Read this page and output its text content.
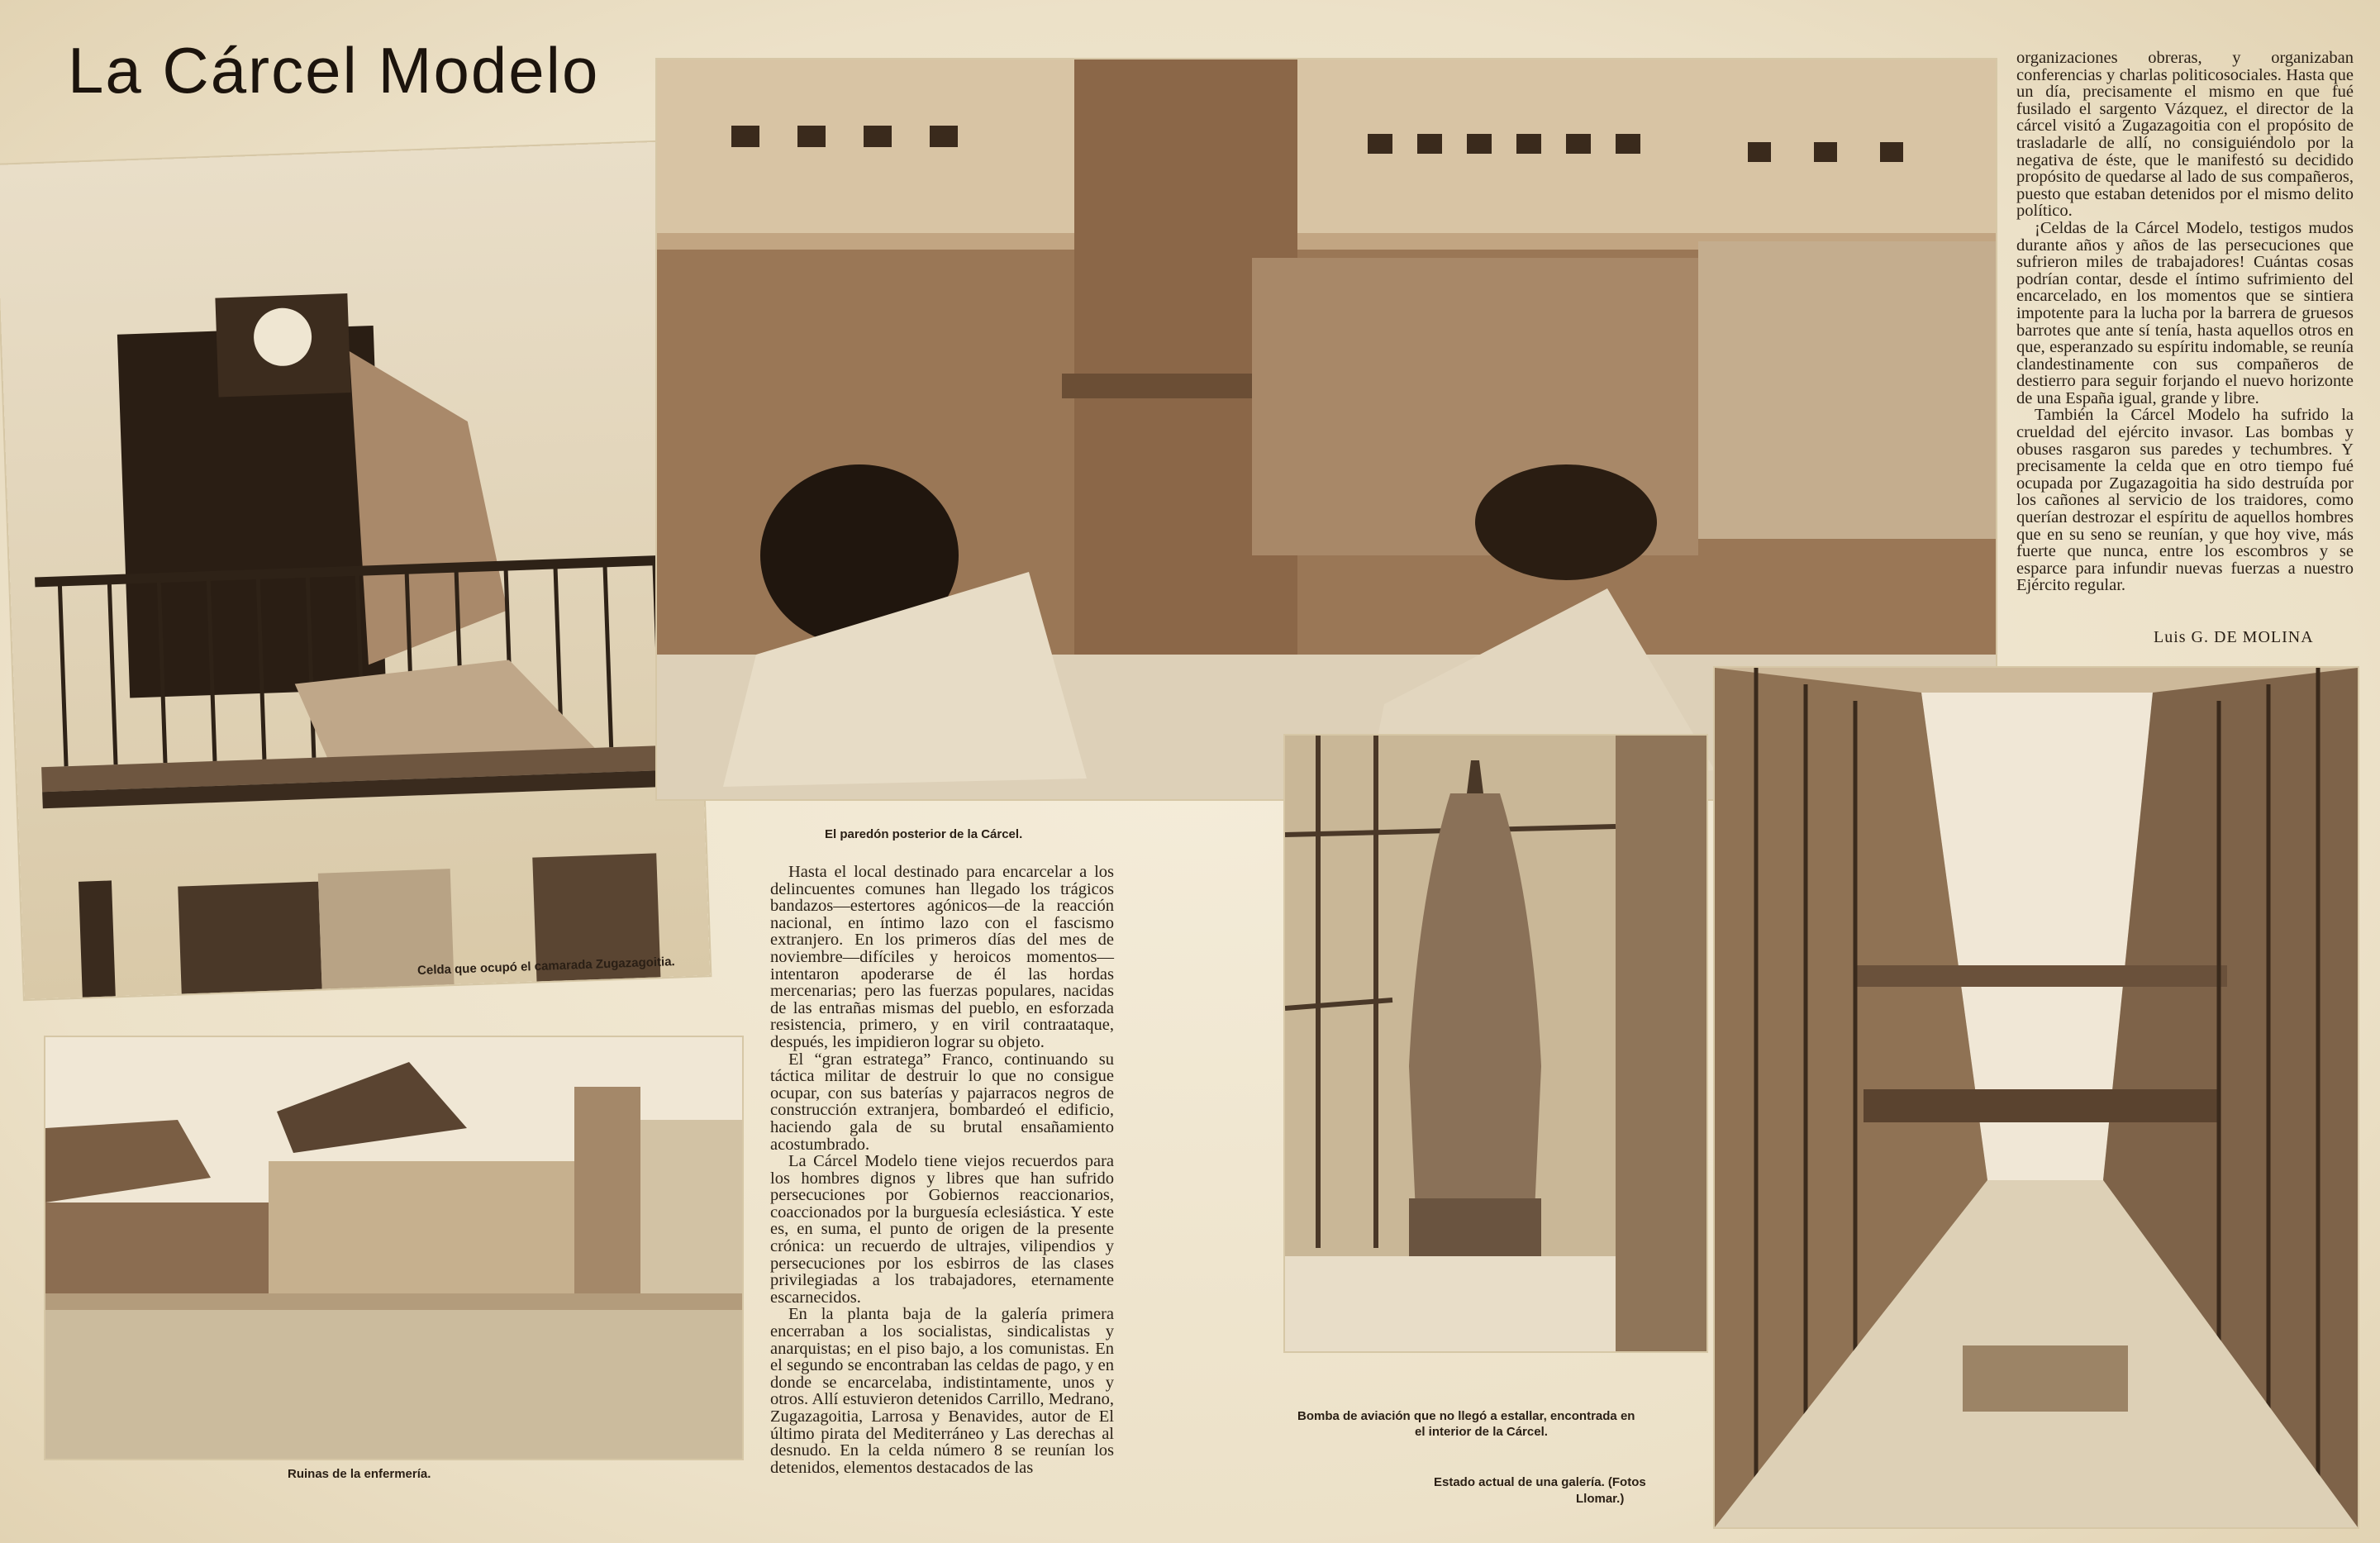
La Cárcel Modelo
Celda que ocupó el camarada Zugazagoitia.
El paredón posterior de la Cárcel.
Ruinas de la enfermería.
Bomba de aviación que no llegó a estallar, encontrada en
el interior de la Cárcel.
Estado actual de una galería. (Fotos
Llomar.)

Hasta el local destinado para encarcelar a los delincuentes comunes han llegado los trágicos bandazos—estertores agónicos—de la reacción nacional, en íntimo lazo con el fascismo extranjero. En los primeros días del mes de noviembre—difíciles y heroicos momentos—intentaron apoderarse de él las hordas mercenarias; pero las fuerzas populares, nacidas de las entrañas mismas del pueblo, en esforzada resistencia, primero, y en viril contraataque, después, les impidieron lograr su objeto.

El “gran estratega” Franco, continuando su táctica militar de destruir lo que no consigue ocupar, con sus baterías y pajarracos negros de construcción extranjera, bombardeó el edificio, haciendo gala de su brutal ensañamiento acostumbrado.

La Cárcel Modelo tiene viejos recuerdos para los hombres dignos y libres que han sufrido persecuciones por Gobiernos reaccionarios, coaccionados por la burguesía eclesiástica. Y este es, en suma, el punto de origen de la presente crónica: un recuerdo de ultrajes, vilipendios y persecuciones por los esbirros de las clases privilegiadas a los trabajadores, eternamente escarnecidos.

En la planta baja de la galería primera encerraban a los socialistas, sindicalistas y anarquistas; en el piso bajo, a los comunistas. En el segundo se encontraban las celdas de pago, y en donde se encarcelaba, indistintamente, unos y otros. Allí estuvieron detenidos Carrillo, Medrano, Zugazagoitia, Larrosa y Benavides, autor de El último pirata del Mediterráneo y Las derechas al desnudo. En la celda número 8 se reunían los detenidos, elementos destacados de las

organizaciones obreras, y organizaban conferencias y charlas politicosociales. Hasta que un día, precisamente el mismo en que fué fusilado el sargento Vázquez, el director de la cárcel visitó a Zugazagoitia con el propósito de trasladarle de allí, no consiguiéndolo por la negativa de éste, que le manifestó su decidido propósito de quedarse al lado de sus compañeros, puesto que estaban detenidos por el mismo delito político.

¡Celdas de la Cárcel Modelo, testigos mudos durante años y años de las persecuciones que sufrieron miles de trabajadores! Cuántas cosas podrían contar, desde el íntimo sufrimiento del encarcelado, en los momentos que se sintiera impotente para la lucha por la barrera de gruesos barrotes que ante sí tenía, hasta aquellos otros en que, esperanzado su espíritu indomable, se reunía clandestinamente con sus compañeros de destierro para seguir forjando el nuevo horizonte de una España igual, grande y libre.

También la Cárcel Modelo ha sufrido la crueldad del ejército invasor. Las bombas y obuses rasgaron sus paredes y techumbres. Y precisamente la celda que en otro tiempo fué ocupada por Zugazagoitia ha sido destruída por los cañones al servicio de los traidores, como querían destrozar el espíritu de aquellos hombres que en su seno se reunían, y que hoy vive, más fuerte que nunca, entre los escombros y se esparce para infundir nuevas fuerzas a nuestro Ejército regular.

Luis G. DE MOLINA
